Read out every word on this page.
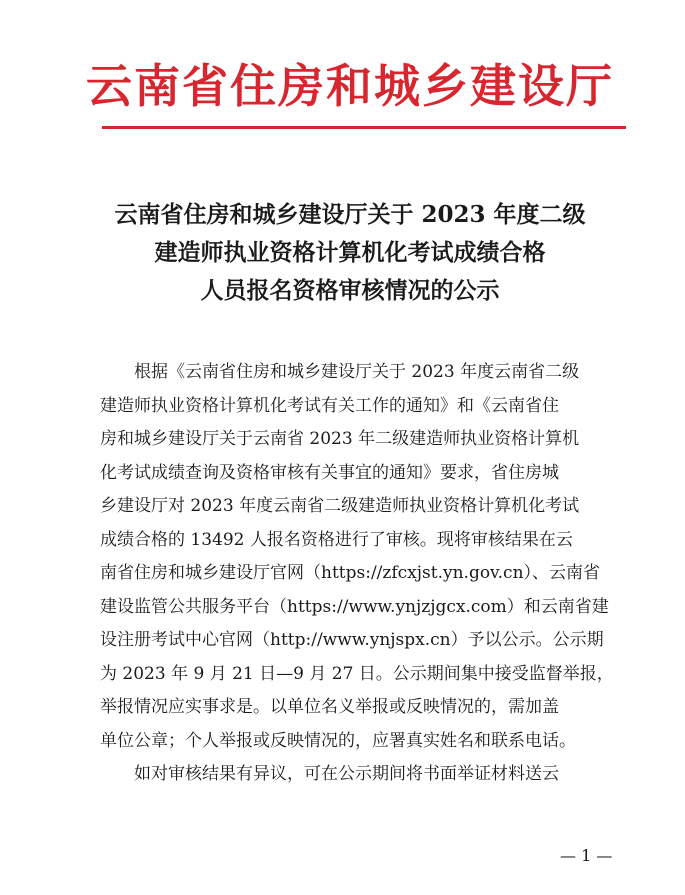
云南省住房和城乡建设厅
云南省住房和城乡建设厅关于 2023 年度二级
建造师执业资格计算机化考试成绩合格
人员报名资格审核情况的公示
根据《云南省住房和城乡建设厅关于 2023 年度云南省二级
建造师执业资格计算机化考试有关工作的通知》和《云南省住
房和城乡建设厅关于云南省 2023 年二级建造师执业资格计算机
化考试成绩查询及资格审核有关事宜的通知》要求，省住房城
乡建设厅对 2023 年度云南省二级建造师执业资格计算机化考试
成绩合格的 13492 人报名资格进行了审核。现将审核结果在云
南省住房和城乡建设厅官网（https://zfcxjst.yn.gov.cn）、云南省
建设监管公共服务平台（https://www.ynjzjgcx.com）和云南省建
设注册考试中心官网（http://www.ynjspx.cn）予以公示。公示期
为 2023 年 9 月 21 日—9 月 27 日。公示期间集中接受监督举报，
举报情况应实事求是。以单位名义举报或反映情况的，需加盖
单位公章；个人举报或反映情况的，应署真实姓名和联系电话。
如对审核结果有异议，可在公示期间将书面举证材料送云
— 1 —
